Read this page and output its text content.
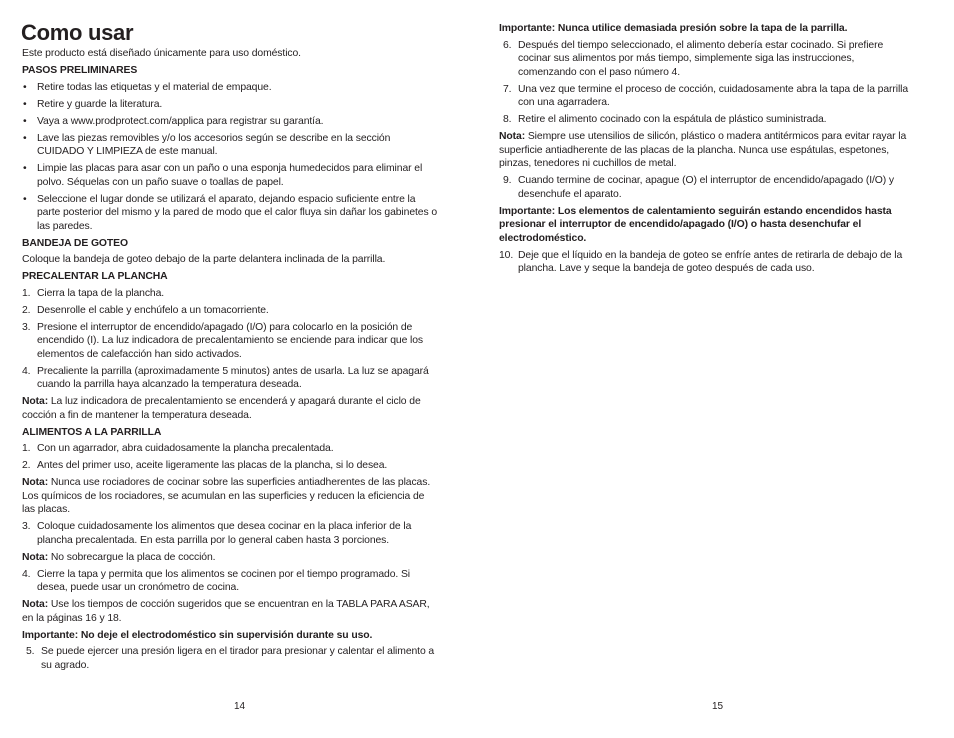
Como usar

Este producto está diseñado únicamente para uso doméstico.

PASOS PRELIMINARES

• Retire todas las etiquetas y el material de empaque.
• Retire y guarde la literatura.
• Vaya a www.prodprotect.com/applica para registrar su garantía.
• Lave las piezas removibles y/o los accesorios según se describe en la sección CUIDADO Y LIMPIEZA de este manual.
• Limpie las placas para asar con un paño o una esponja humedecidos para eliminar el polvo. Séquelas con un paño suave o toallas de papel.
• Seleccione el lugar donde se utilizará el aparato, dejando espacio suficiente entre la parte posterior del mismo y la pared de modo que el calor fluya sin dañar los gabinetes o las paredes.

BANDEJA DE GOTEO

Coloque la bandeja de goteo debajo de la parte delantera inclinada de la parrilla.

PRECALENTAR LA PLANCHA

1. Cierra la tapa de la plancha.
2. Desenrolle el cable y enchúfelo a un tomacorriente.
3. Presione el interruptor de encendido/apagado (I/O) para colocarlo en la posición de encendido (I). La luz indicadora de precalentamiento se enciende para indicar que los elementos de calefacción han sido activados.
4. Precaliente la parrilla (aproximadamente 5 minutos) antes de usarla. La luz se apagará cuando la parrilla haya alcanzado la temperatura deseada.

Nota: La luz indicadora de precalentamiento se encenderá y apagará durante el ciclo de cocción a fin de mantener la temperatura deseada.

ALIMENTOS A LA PARRILLA

1. Con un agarrador, abra cuidadosamente la plancha precalentada.
2. Antes del primer uso, aceite ligeramente las placas de la plancha, si lo desea.

Nota: Nunca use rociadores de cocinar sobre las superficies antiadherentes de las placas. Los químicos de los rociadores, se acumulan en las superficies y reducen la eficiencia de las placas.

3. Coloque cuidadosamente los alimentos que desea cocinar en la placa inferior de la plancha precalentada. En esta parrilla por lo general caben hasta 3 porciones.

Nota: No sobrecargue la placa de cocción.

4. Cierre la tapa y permita que los alimentos se cocinen por el tiempo programado. Si desea, puede usar un cronómetro de cocina.

Nota: Use los tiempos de cocción sugeridos que se encuentran en la TABLA PARA ASAR, en la páginas 16 y 18.

Importante: No deje el electrodoméstico sin supervisión durante su uso.

5. Se puede ejercer una presión ligera en el tirador para presionar y calentar el alimento a su agrado.
14

Importante: Nunca utilice demasiada presión sobre la tapa de la parrilla.

6. Después del tiempo seleccionado, el alimento debería estar cocinado. Si prefiere cocinar sus alimentos por más tiempo, simplemente siga las instrucciones, comenzando con el paso número 4.
7. Una vez que termine el proceso de cocción, cuidadosamente abra la tapa de la parrilla con una agarradera.
8. Retire el alimento cocinado con la espátula de plástico suministrada.

Nota: Siempre use utensilios de silicón, plástico o madera antitérmicos para evitar rayar la superficie antiadherente de las placas de la plancha. Nunca use espátulas, espetones, pinzas, tenedores ni cuchillos de metal.

9. Cuando termine de cocinar, apague (O) el interruptor de encendido/apagado (I/O) y desenchufe el aparato.

Importante: Los elementos de calentamiento seguirán estando encendidos hasta presionar el interruptor de encendido/apagado (I/O) o hasta desenchufar el electrodoméstico.

10. Deje que el líquido en la bandeja de goteo se enfríe antes de retirarla de debajo de la plancha. Lave y seque la bandeja de goteo después de cada uso.
15
